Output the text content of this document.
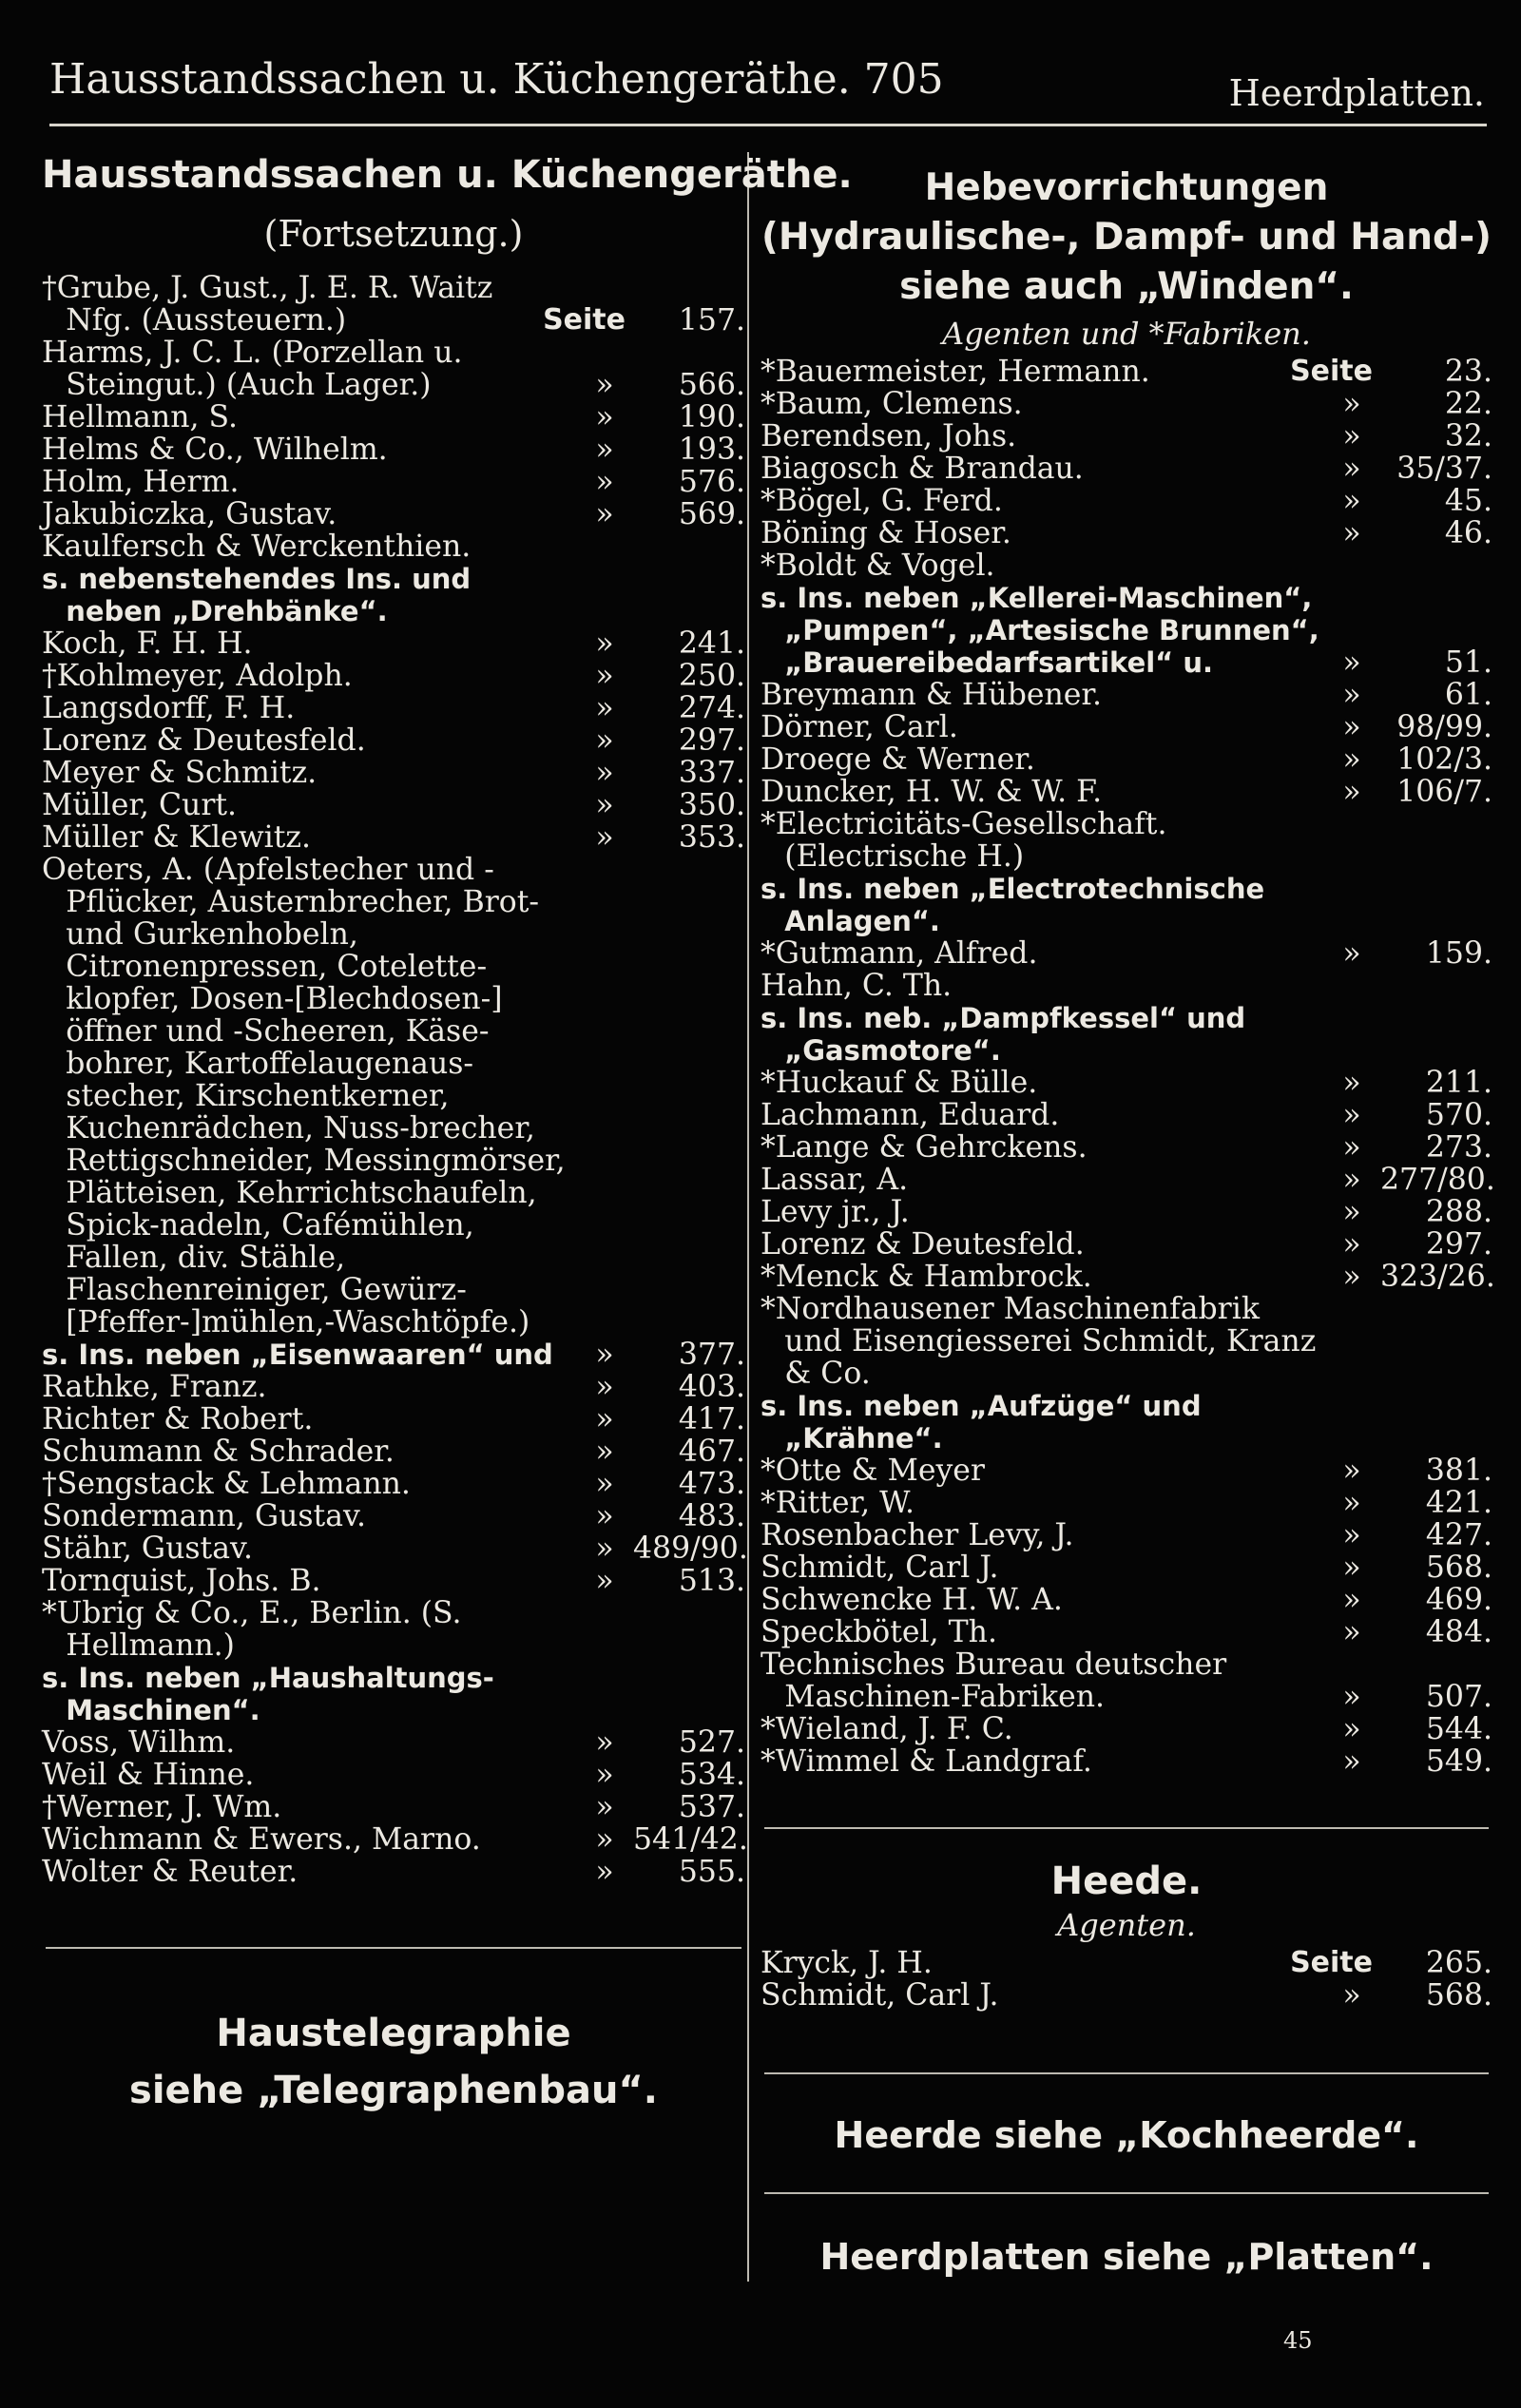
Hausstandssachen u. Küchengeräthe. 705	Heerdplatten.
Hausstandssachen u. Küchengeräthe.
(Fortsetzung.)
†Grube, J. Gust., J. E. R. Waitz Nfg. (Aussteuern.)	Seite	157.
Harms, J. C. L. (Porzellan u. Steingut.) (Auch Lager.)	»	566.
Hellmann, S.	»	190.
Helms & Co., Wilhelm.	»	193.
Holm, Herm.	»	576.
Jakubiczka, Gustav.	»	569.
Kaulfersch & Werckenthien.
s. nebenstehendes Ins. und neben „Drehbänke“.
Koch, F. H. H.	»	241.
†Kohlmeyer, Adolph.	»	250.
Langsdorff, F. H.	»	274.
Lorenz & Deutesfeld.	»	297.
Meyer & Schmitz.	»	337.
Müller, Curt.	»	350.
Müller & Klewitz.	»	353.
Oeters, A. (Apfelstecher und -Pflücker, Austernbrecher, Brot- und Gurkenhobeln, Citronenpressen, Cotelette-klopfer, Dosen-[Blechdosen-] öffner und -Scheeren, Käse-bohrer, Kartoffelaugenaus-stecher, Kirschentkerner, Kuchenrädchen, Nuss-brecher, Rettigschneider, Messingmörser, Plätteisen, Kehrrichtschaufeln, Spick-nadeln, Cafémühlen, Fallen, div. Stähle, Flaschenreiniger, Gewürz-[Pfeffer-]mühlen,-Waschtöpfe.)
s. Ins. neben „Eisenwaaren“ und	»	377.
Rathke, Franz.	»	403.
Richter & Robert.	»	417.
Schumann & Schrader.	»	467.
†Sengstack & Lehmann.	»	473.
Sondermann, Gustav.	»	483.
Stähr, Gustav.	» 489/90.
Tornquist, Johs. B.	»	513.
*Ubrig & Co., E., Berlin. (S. Hellmann.)
s. Ins. neben „Haushaltungs-Maschinen“.
Voss, Wilhm.	»	527.
Weil & Hinne.	»	534.
†Werner, J. Wm.	»	537.
Wichmann & Ewers., Marno.	» 541/42.
Wolter & Reuter.	»	555.
Haustelegraphie
siehe „Telegraphenbau“.
Hebevorrichtungen
(Hydraulische-, Dampf- und Hand-)
siehe auch „Winden“.
Agenten und *Fabriken.
*Bauermeister, Hermann.	Seite	23.
*Baum, Clemens.	»	22.
Berendsen, Johs.	»	32.
Biagosch & Brandau.	»	35/37.
*Bögel, G. Ferd.	»	45.
Böning & Hoser.	»	46.
*Boldt & Vogel.
s. Ins. neben „Kellerei-Maschinen“, „Pumpen“, „Artesische Brunnen“, „Brauereibedarfsartikel“ u.	»	51.
Breymann & Hübener.	»	61.
Dörner, Carl.	»	98/99.
Droege & Werner.	»	102/3.
Duncker, H. W. & W. F.	»	106/7.
*Electricitäts-Gesellschaft. (Electrische H.)
s. Ins. neben „Electrotechnische Anlagen“.
*Gutmann, Alfred.	»	159.
Hahn, C. Th.
s. Ins. neb. „Dampfkessel“ und „Gasmotore“.
*Huckauf & Bülle.	»	211.
Lachmann, Eduard.	»	570.
*Lange & Gehrckens.	»	273.
Lassar, A.	» 277/80.
Levy jr., J.	»	288.
Lorenz & Deutesfeld.	»	297.
*Menck & Hambrock.	» 323/26.
*Nordhausener Maschinenfabrik und Eisengiesserei Schmidt, Kranz & Co.
s. Ins. neben „Aufzüge“ und „Krähne“.
*Otte & Meyer	»	381.
*Ritter, W.	»	421.
Rosenbacher Levy, J.	»	427.
Schmidt, Carl J.	»	568.
Schwencke H. W. A.	»	469.
Speckbötel, Th.	»	484.
Technisches Bureau deutscher Maschinen-Fabriken.	»	507.
*Wieland, J. F. C.	»	544.
*Wimmel & Landgraf.	»	549.
Heede.
Agenten.
Kryck, J. H.	Seite	265.
Schmidt, Carl J.	»	568.
Heerde siehe „Kochheerde“.
Heerdplatten siehe „Platten“.
45
